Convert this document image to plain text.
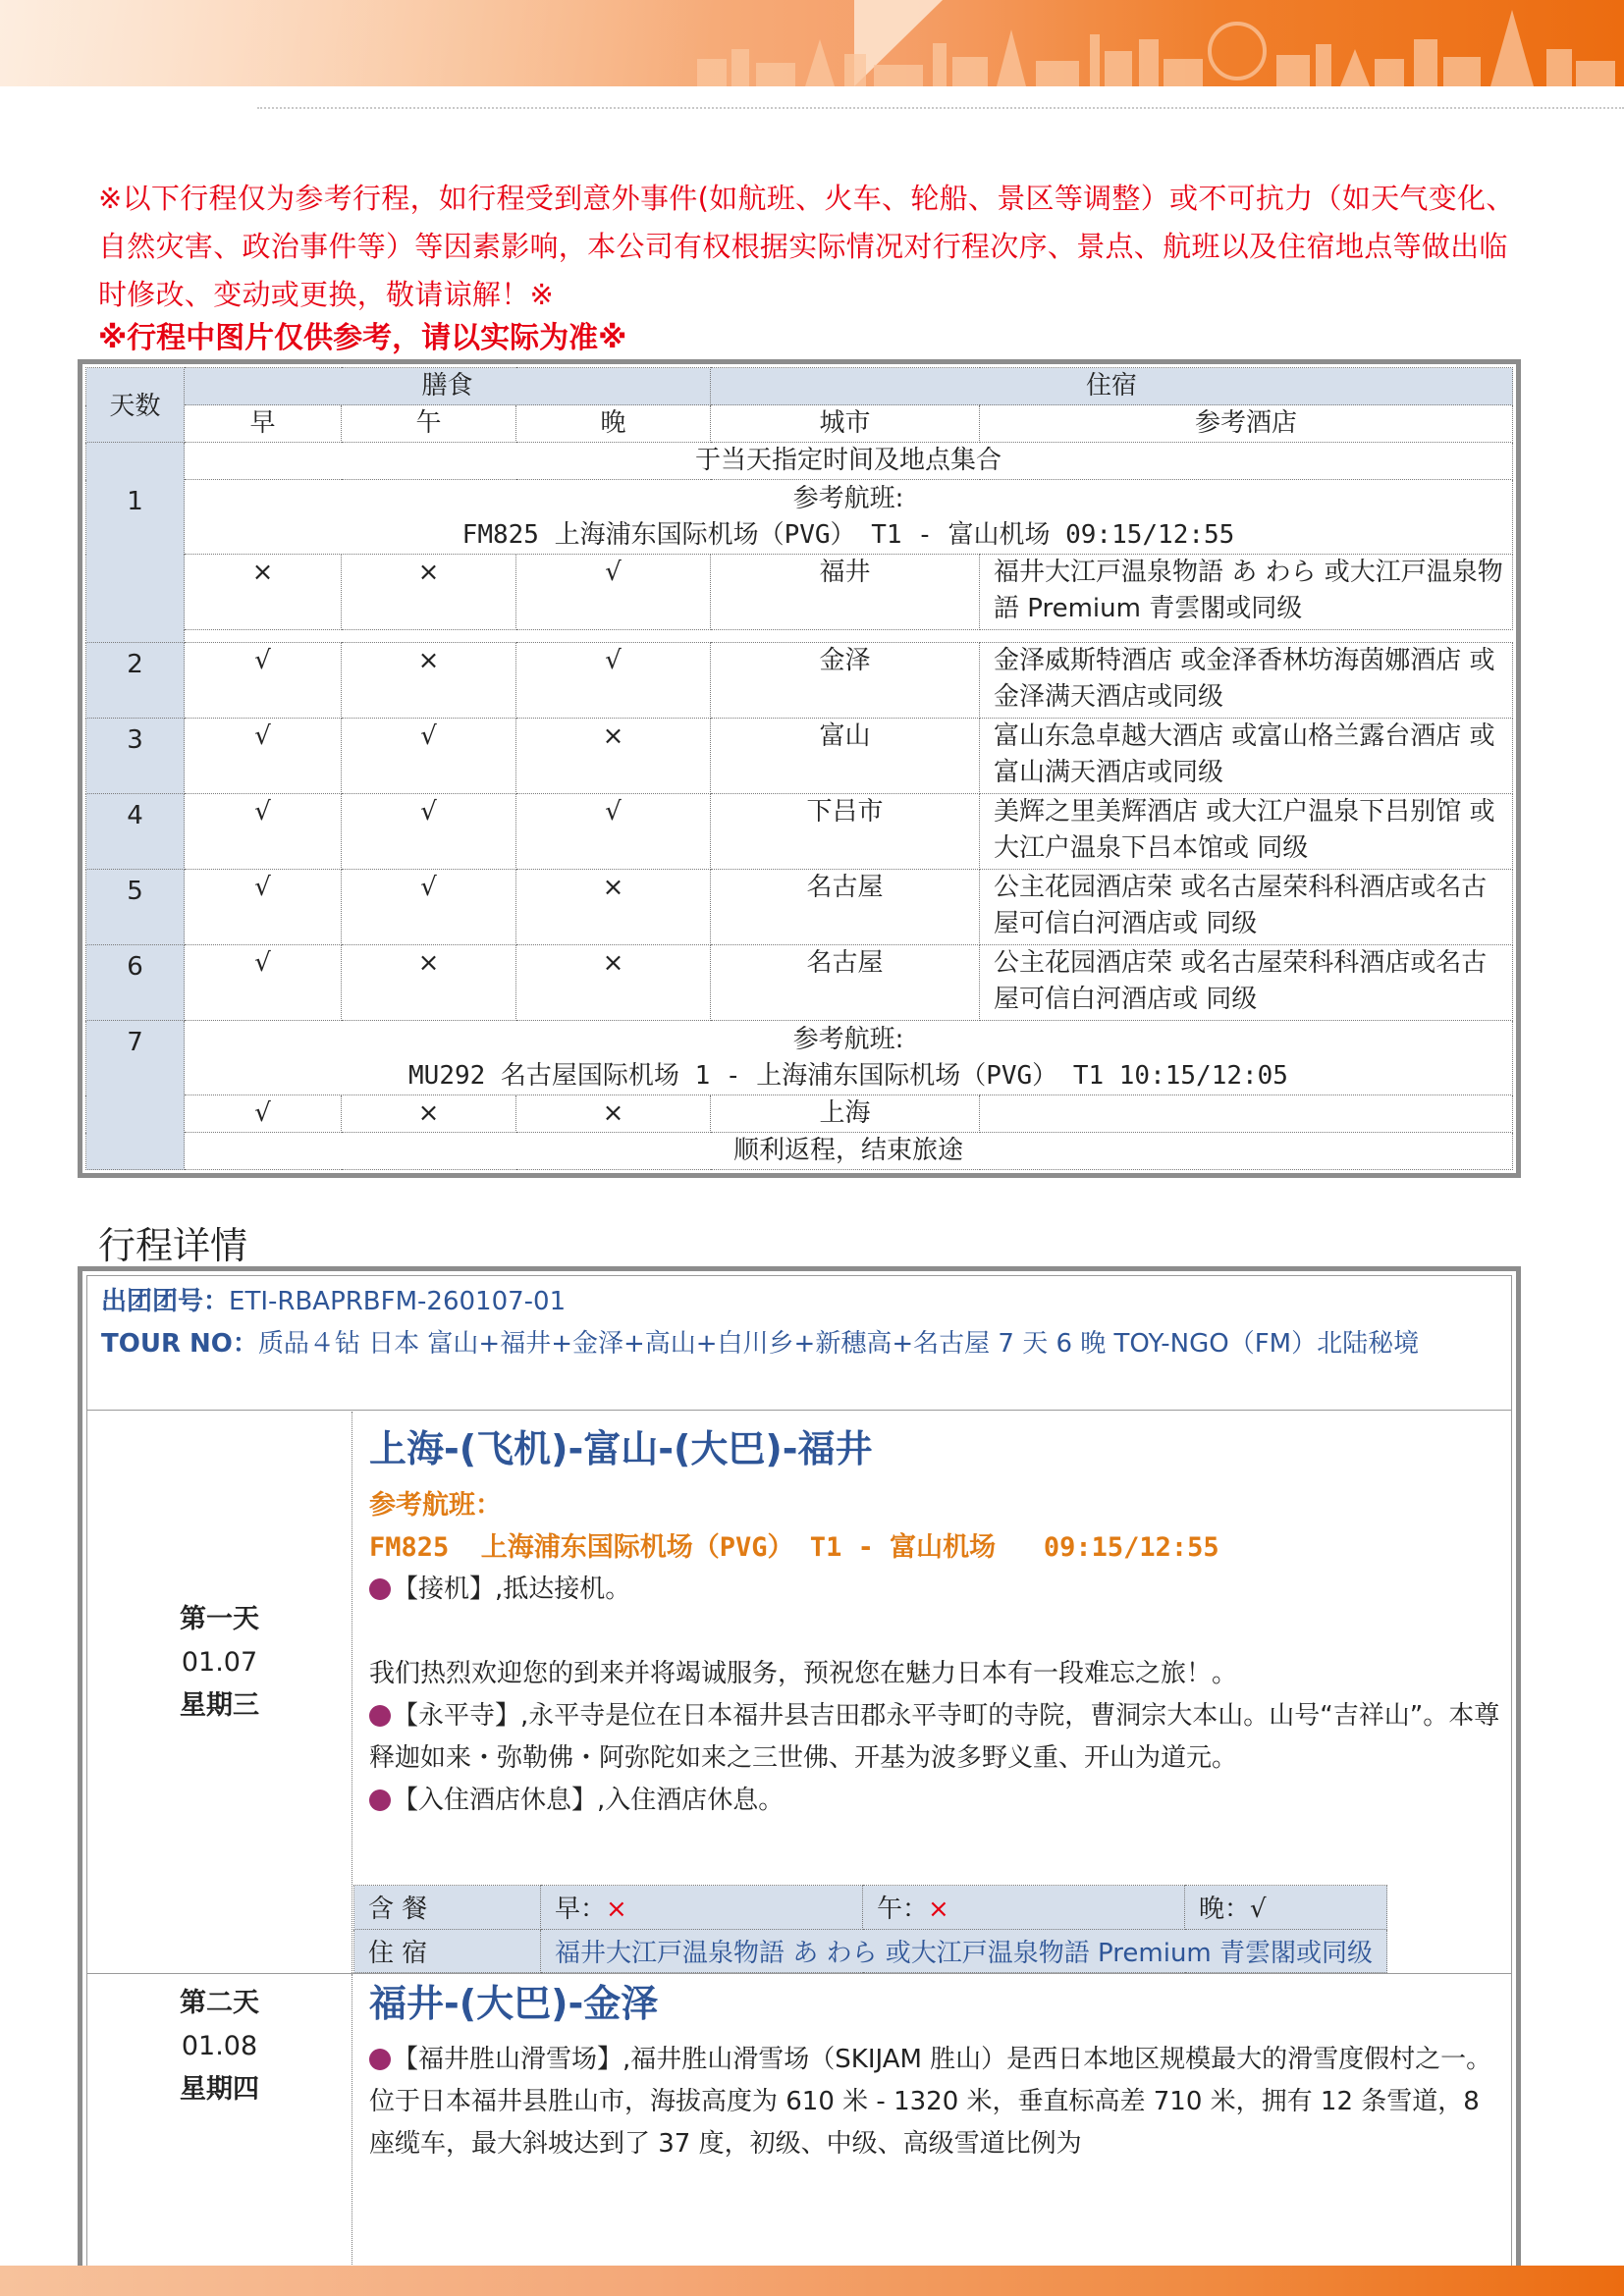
※以下行程仅为参考行程，如行程受到意外事件(如航班、火车、轮船、景区等调整）或不可抗力（如天气变化、自然灾害、政治事件等）等因素影响，本公司有权根据实际情况对行程次序、景点、航班以及住宿地点等做出临时修改、变动或更换，敬请谅解！※
※行程中图片仅供参考，请以实际为准※
天数	膳食			住宿	
	早	午	晚	城市	参考酒店
1	于当天指定时间及地点集合				

	参考航班:
FM825 上海浦东国际机场（PVG） T1 - 富山机场 09:15/12:55				

	×	×	√	福井	福井大江戸温泉物語 あ わら 或大江戸温泉物語 Premium 青雲閣或同级

2	√	×	√	金泽	金泽威斯特酒店 或金泽香林坊海茵娜酒店 或金泽满天酒店或同级
3	√	√	×	富山	富山东急卓越大酒店 或富山格兰露台酒店 或富山满天酒店或同级
4	√	√	√	下吕市	美辉之里美辉酒店 或大江户温泉下吕别馆 或大江户温泉下吕本馆或 同级
5	√	√	×	名古屋	公主花园酒店荣 或名古屋荣科科酒店或名古屋可信白河酒店或 同级
6	√	×	×	名古屋	公主花园酒店荣 或名古屋荣科科酒店或名古屋可信白河酒店或 同级
7	参考航班:
MU292 名古屋国际机场 1 - 上海浦东国际机场（PVG） T1 10:15/12:05				

	√	×	×	上海	
	顺利返程，结束旅途				
行程详情
出团团号：ETI-RBAPRBFM-260107-01
TOUR NO：质品４钻 日本 富山+福井+金泽+高山+白川乡+新穗高+名古屋 7 天 6 晚 TOY-NGO（FM）北陆秘境
第一天
01.07
星期三
上海-(飞机)-富山-(大巴)-福井
参考航班：
FM825  上海浦东国际机场（PVG） T1 - 富山机场   09:15/12:55
【接机】,抵达接机。
我们热烈欢迎您的到来并将竭诚服务，预祝您在魅力日本有一段难忘之旅！。
【永平寺】,永平寺是位在日本福井县吉田郡永平寺町的寺院，曹洞宗大本山。山号“吉祥山”。本尊释迦如来・弥勒佛・阿弥陀如来之三世佛、开基为波多野义重、开山为道元。
【入住酒店休息】,入住酒店休息。
含 餐	早：×	午：×	晚：√
住 宿	福井大江戸温泉物語 あ わら 或大江戸温泉物語 Premium 青雲閣或同级		
第二天
01.08
星期四
福井-(大巴)-金泽
【福井胜山滑雪场】,福井胜山滑雪场（SKIJAM 胜山）是西日本地区规模最大的滑雪度假村之一。位于日本福井县胜山市，海拔高度为 610 米 - 1320 米，垂直标高差 710 米，拥有 12 条雪道，8 座缆车，最大斜坡达到了 37 度，初级、中级、高级雪道比例为
